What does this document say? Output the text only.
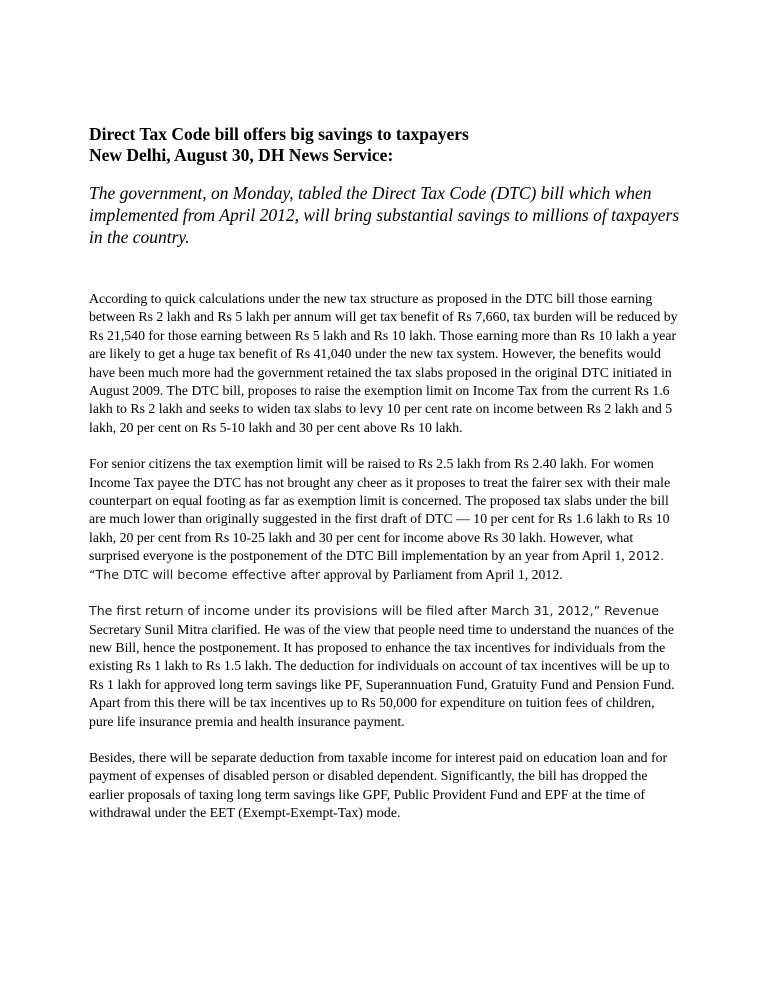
Direct Tax Code bill offers big savings to taxpayers
New Delhi, August 30, DH News Service:

The government, on Monday, tabled the Direct Tax Code (DTC) bill which when implemented from April 2012, will bring substantial savings to millions of taxpayers in the country.

According to quick calculations under the new tax structure as proposed in the DTC bill those earning between Rs 2 lakh and Rs 5 lakh per annum will get tax benefit of Rs 7,660, tax burden will be reduced by Rs 21,540 for those earning between Rs 5 lakh and Rs 10 lakh. Those earning more than Rs 10 lakh a year are likely to get a huge tax benefit of Rs 41,040 under the new tax system. However, the benefits would have been much more had the government retained the tax slabs proposed in the original DTC initiated in August 2009. The DTC bill, proposes to raise the exemption limit on Income Tax from the current Rs 1.6 lakh to Rs 2 lakh and seeks to widen tax slabs to levy 10 per cent rate on income between Rs 2 lakh and 5 lakh, 20 per cent on Rs 5-10 lakh and 30 per cent above Rs 10 lakh.

For senior citizens the tax exemption limit will be raised to Rs 2.5 lakh from Rs 2.40 lakh. For women Income Tax payee the DTC has not brought any cheer as it proposes to treat the fairer sex with their male counterpart on equal footing as far as exemption limit is concerned. The proposed tax slabs under the bill are much lower than originally suggested in the first draft of DTC — 10 per cent for Rs 1.6 lakh to Rs 10 lakh, 20 per cent from Rs 10-25 lakh and 30 per cent for income above Rs 30 lakh. However, what surprised everyone is the postponement of the DTC Bill implementation by an year from April 1, 2012. “The DTC will become effective after approval by Parliament from April 1, 2012.

The first return of income under its provisions will be filed after March 31, 2012,” Revenue Secretary Sunil Mitra clarified. He was of the view that people need time to understand the nuances of the new Bill, hence the postponement. It has proposed to enhance the tax incentives for individuals from the existing Rs 1 lakh to Rs 1.5 lakh. The deduction for individuals on account of tax incentives will be up to Rs 1 lakh for approved long term savings like PF, Superannuation Fund, Gratuity Fund and Pension Fund. Apart from this there will be tax incentives up to Rs 50,000 for expenditure on tuition fees of children, pure life insurance premia and health insurance payment.

Besides, there will be separate deduction from taxable income for interest paid on education loan and for payment of expenses of disabled person or disabled dependent. Significantly, the bill has dropped the earlier proposals of taxing long term savings like GPF, Public Provident Fund and EPF at the time of withdrawal under the EET (Exempt-Exempt-Tax) mode.
